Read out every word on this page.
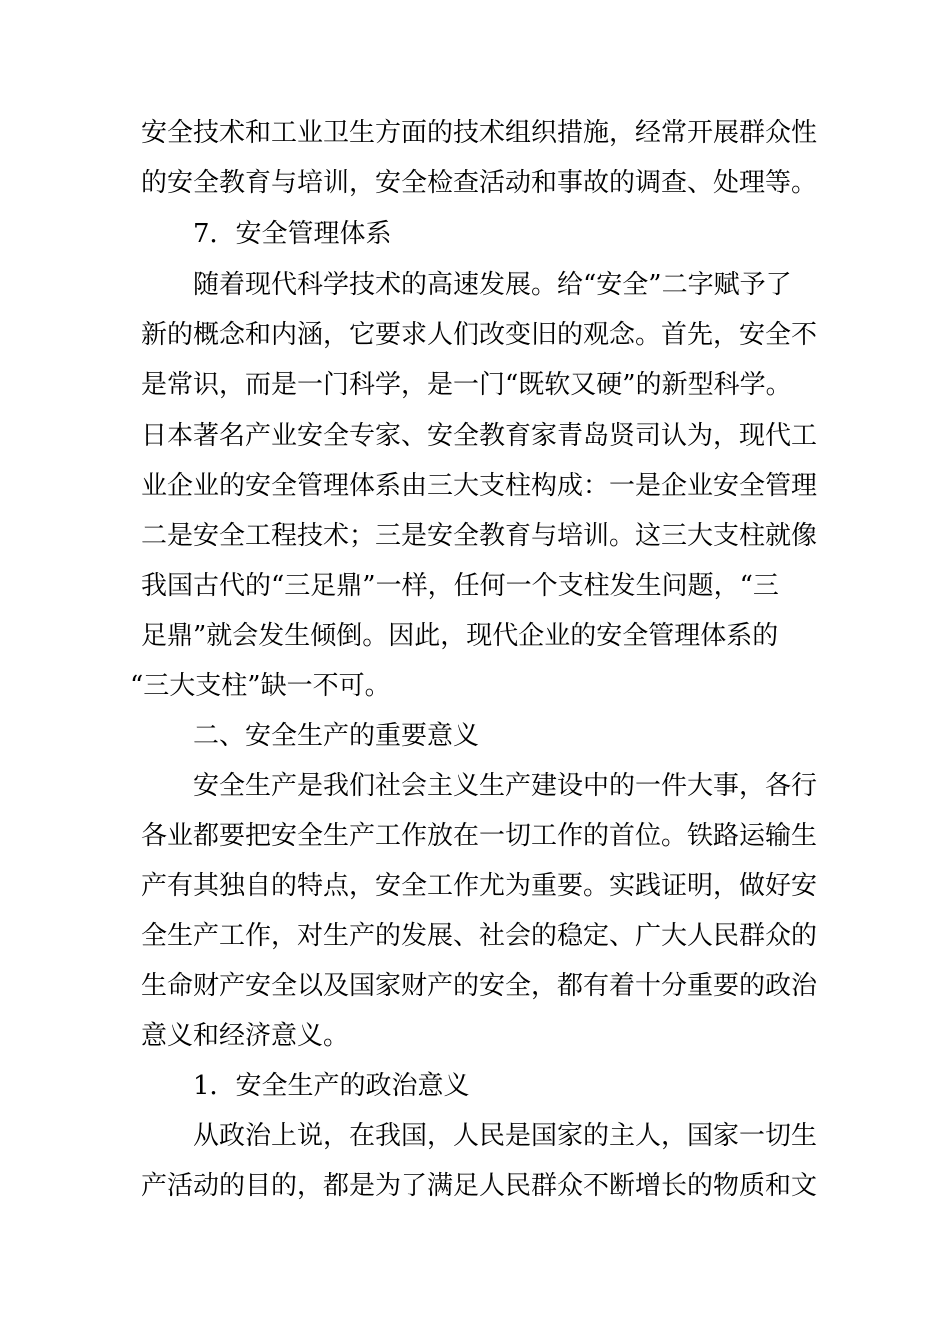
安全技术和工业卫生方面的技术组织措施，经常开展群众性
的安全教育与培训，安全检查活动和事故的调查、处理等。
7．安全管理体系
随着现代科学技术的高速发展。给“安全”二字赋予了
新的概念和内涵，它要求人们改变旧的观念。首先，安全不
是常识，而是一门科学，是一门“既软又硬”的新型科学。
日本著名产业安全专家、安全教育家青岛贤司认为，现代工
业企业的安全管理体系由三大支柱构成：一是企业安全管理
二是安全工程技术；三是安全教育与培训。这三大支柱就像
我国古代的“三足鼎”一样，任何一个支柱发生问题，“三
足鼎”就会发生倾倒。因此，现代企业的安全管理体系的
“三大支柱”缺一不可。
二、安全生产的重要意义
安全生产是我们社会主义生产建设中的一件大事，各行
各业都要把安全生产工作放在一切工作的首位。铁路运输生
产有其独自的特点，安全工作尤为重要。实践证明，做好安
全生产工作，对生产的发展、社会的稳定、广大人民群众的
生命财产安全以及国家财产的安全，都有着十分重要的政治
意义和经济意义。
1．安全生产的政治意义
从政治上说，在我国，人民是国家的主人，国家一切生
产活动的目的，都是为了满足人民群众不断增长的物质和文
